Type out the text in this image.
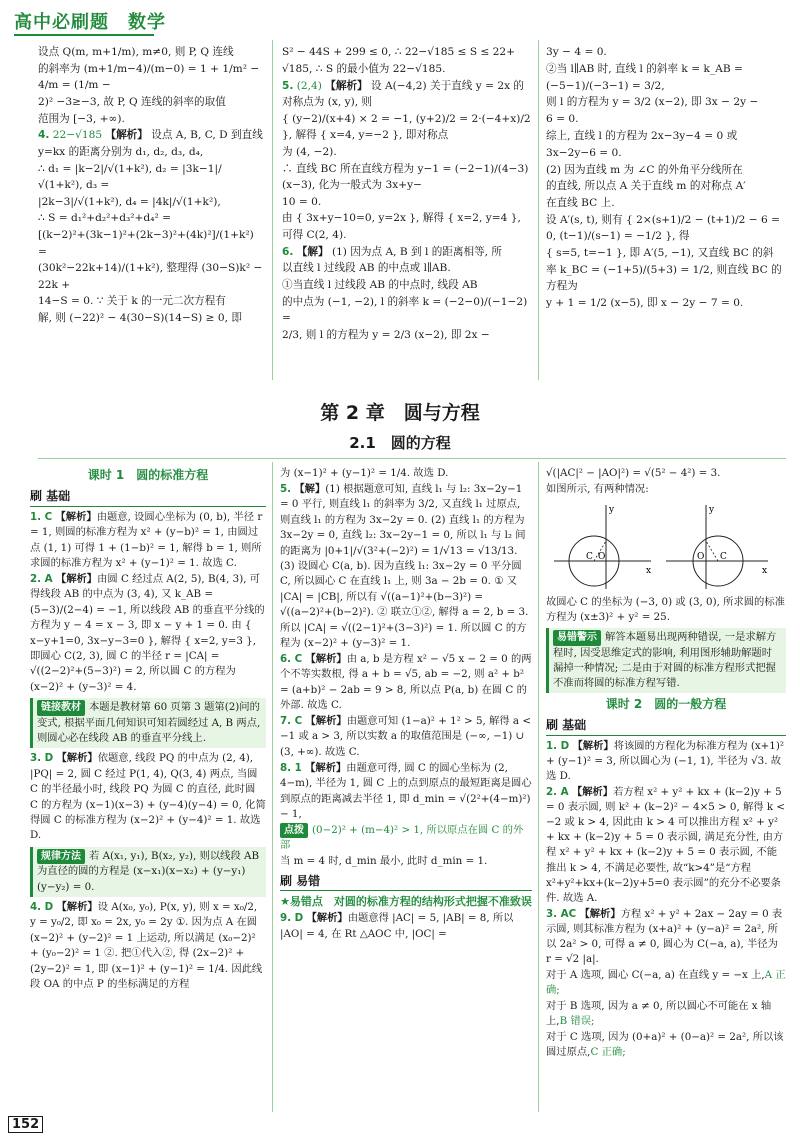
高中必刷题　数学

设点 Q(m, m+1/m), m≠0, 则 P, Q 连线

的斜率为 (m+1/m−4)/(m−0) = 1 + 1/m² − 4/m = (1/m −

2)² −3≥−3, 故 P, Q 连线的斜率的取值

范围为 [−3, +∞).

4. 22−√185 【解析】 设点 A, B, C, D 到直线 y=kx 的距离分别为 d₁, d₂, d₃, d₄,

∴ d₁ = |k−2|/√(1+k²), d₂ = |3k−1|/√(1+k²), d₃ =

|2k−3|/√(1+k²), d₄ = |4k|/√(1+k²),

∴ S = d₁²+d₂²+d₃²+d₄² =

[(k−2)²+(3k−1)²+(2k−3)²+(4k)²]/(1+k²) =

(30k²−22k+14)/(1+k²), 整理得 (30−S)k² − 22k +

14−S = 0. ∵ 关于 k 的一元二次方程有

解, 则 (−22)² − 4(30−S)(14−S) ≥ 0, 即

S² − 44S + 299 ≤ 0, ∴ 22−√185 ≤ S ≤ 22+

√185, ∴ S 的最小值为 22−√185.

5. (2,4) 【解析】 设 A(−4,2) 关于直线 y = 2x 的对称点为 (x, y), 则

{ (y−2)/(x+4) × 2 = −1, (y+2)/2 = 2·(−4+x)/2 }, 解得 { x=4, y=−2 }, 即对称点

为 (4, −2).

∴ 直线 BC 所在直线方程为 y−1 = (−2−1)/(4−3) (x−3), 化为一般式为 3x+y−

10 = 0.

由 { 3x+y−10=0, y=2x }, 解得 { x=2, y=4 }, 可得 C(2, 4).

6. 【解】 (1) 因为点 A, B 到 l 的距离相等, 所

以直线 l 过线段 AB 的中点或 l∥AB.

①当直线 l 过线段 AB 的中点时, 线段 AB

的中点为 (−1, −2), l 的斜率 k = (−2−0)/(−1−2) =

2/3, 则 l 的方程为 y = 2/3 (x−2), 即 2x −

3y − 4 = 0.

②当 l∥AB 时, 直线 l 的斜率 k = k_AB =

(−5−1)/(−3−1) = 3/2,

则 l 的方程为 y = 3/2 (x−2), 即 3x − 2y −

6 = 0.

综上, 直线 l 的方程为 2x−3y−4 = 0 或

3x−2y−6 = 0.

(2) 因为直线 m 为 ∠C 的外角平分线所在

的直线, 所以点 A 关于直线 m 的对称点 A′

在直线 BC 上.

设 A′(s, t), 则有 { 2×(s+1)/2 − (t+1)/2 − 6 = 0, (t−1)/(s−1) = −1/2 }, 得

{ s=5, t=−1 }, 即 A′(5, −1), 又直线 BC 的斜

率 k_BC = (−1+5)/(5+3) = 1/2, 则直线 BC 的方程为

y + 1 = 1/2 (x−5), 即 x − 2y − 7 = 0.

第 2 章　圆与方程
2.1　圆的方程
课时 1　圆的标准方程
刷 基础

1. C 【解析】由题意, 设圆心坐标为 (0, b), 半径 r = 1, 则圆的标准方程为 x² + (y−b)² = 1, 由圆过点 (1, 1) 可得 1 + (1−b)² = 1, 解得 b = 1, 则所求圆的标准方程为 x² + (y−1)² = 1. 故选 C.

2. A 【解析】由圆 C 经过点 A(2, 5), B(4, 3), 可得线段 AB 的中点为 (3, 4), 又 k_AB = (5−3)/(2−4) = −1, 所以线段 AB 的垂直平分线的方程为 y − 4 = x − 3, 即 x − y + 1 = 0. 由 { x−y+1=0, 3x−y−3=0 }, 解得 { x=2, y=3 }, 即圆心 C(2, 3), 圆 C 的半径 r = |CA| = √((2−2)²+(5−3)²) = 2, 所以圆 C 的方程为 (x−2)² + (y−3)² = 4.

链接教材 本题是教材第 60 页第 3 题第(2)问的变式, 根据平面几何知识可知若圆经过 A, B 两点, 则圆心必在线段 AB 的垂直平分线上.

3. D 【解析】依题意, 线段 PQ 的中点为 (2, 4), |PQ| = 2, 圆 C 经过 P(1, 4), Q(3, 4) 两点, 当圆 C 的半径最小时, 线段 PQ 为圆 C 的直径, 此时圆 C 的方程为 (x−1)(x−3) + (y−4)(y−4) = 0, 化简得圆 C 的标准方程为 (x−2)² + (y−4)² = 1. 故选 D.

规律方法 若 A(x₁, y₁), B(x₂, y₂), 则以线段 AB 为直径的圆的方程是 (x−x₁)(x−x₂) + (y−y₁)(y−y₂) = 0.

4. D 【解析】设 A(x₀, y₀), P(x, y), 则 x = x₀/2, y = y₀/2, 即 x₀ = 2x, y₀ = 2y ①. 因为点 A 在圆 (x−2)² + (y−2)² = 1 上运动, 所以满足 (x₀−2)² + (y₀−2)² = 1 ②. 把①代入②, 得 (2x−2)² + (2y−2)² = 1, 即 (x−1)² + (y−1)² = 1/4. 因此线段 OA 的中点 P 的坐标满足的方程

为 (x−1)² + (y−1)² = 1/4. 故选 D.

5. 【解】(1) 根据题意可知, 直线 l₁ 与 l₂: 3x−2y−1 = 0 平行, 则直线 l₁ 的斜率为 3/2, 又直线 l₁ 过原点, 则直线 l₁ 的方程为 3x−2y = 0. (2) 直线 l₁ 的方程为 3x−2y = 0, 直线 l₂: 3x−2y−1 = 0, 所以 l₁ 与 l₂ 间的距离为 |0+1|/√(3²+(−2)²) = 1/√13 = √13/13. (3) 设圆心 C(a, b). 因为直线 l₁: 3x−2y = 0 平分圆 C, 所以圆心 C 在直线 l₁ 上, 则 3a − 2b = 0. ① 又 |CA| = |CB|, 所以有 √((a−1)²+(b−3)²) = √((a−2)²+(b−2)²). ② 联立①②, 解得 a = 2, b = 3. 所以 |CA| = √((2−1)²+(3−3)²) = 1. 所以圆 C 的方程为 (x−2)² + (y−3)² = 1.

6. C 【解析】由 a, b 是方程 x² − √5 x − 2 = 0 的两个不等实数根, 得 a + b = √5, ab = −2, 则 a² + b² = (a+b)² − 2ab = 9 > 8, 所以点 P(a, b) 在圆 C 的外部. 故选 C.

7. C 【解析】由题意可知 (1−a)² + 1² > 5, 解得 a < −1 或 a > 3, 所以实数 a 的取值范围是 (−∞, −1) ∪ (3, +∞). 故选 C.

8. 1 【解析】由题意可得, 圆 C 的圆心坐标为 (2, 4−m), 半径为 1, 圆 C 上的点到原点的最短距离是圆心到原点的距离减去半径 1, 即 d_min = √(2²+(4−m)²) − 1,

点拨 (0−2)² + (m−4)² > 1, 所以原点在圆 C 的外部

当 m = 4 时, d_min 最小, 此时 d_min = 1.

刷 易错
★易错点　对圆的标准方程的结构形式把握不准致误

9. D 【解析】由题意得 |AC| = 5, |AB| = 8, 所以 |AO| = 4, 在 Rt △AOC 中, |OC| =

√(|AC|² − |AO|²) = √(5² − 4²) = 3.

如图所示, 有两种情况:

y
x
C O
y
x
O C

故圆心 C 的坐标为 (−3, 0) 或 (3, 0), 所求圆的标准方程为 (x±3)² + y² = 25.

易错警示 解答本题易出现两种错误, 一是求解方程时, 因受思维定式的影响, 利用图形辅助解题时漏掉一种情况; 二是由于对圆的标准方程形式把握不准而将圆的标准方程写错.
课时 2　圆的一般方程
刷 基础

1. D 【解析】将该圆的方程化为标准方程为 (x+1)² + (y−1)² = 3, 所以圆心为 (−1, 1), 半径为 √3. 故选 D.

2. A 【解析】若方程 x² + y² + kx + (k−2)y + 5 = 0 表示圆, 则 k² + (k−2)² − 4×5 > 0, 解得 k < −2 或 k > 4, 因此由 k > 4 可以推出方程 x² + y² + kx + (k−2)y + 5 = 0 表示圆, 满足充分性, 由方程 x² + y² + kx + (k−2)y + 5 = 0 表示圆, 不能推出 k > 4, 不满足必要性, 故“k>4”是“方程 x²+y²+kx+(k−2)y+5=0 表示圆”的充分不必要条件. 故选 A.

3. AC 【解析】方程 x² + y² + 2ax − 2ay = 0 表示圆, 则其标准方程为 (x+a)² + (y−a)² = 2a², 所以 2a² > 0, 可得 a ≠ 0, 圆心为 C(−a, a), 半径为 r = √2 |a|.

对于 A 选项, 圆心 C(−a, a) 在直线 y = −x 上,A 正确;

对于 B 选项, 因为 a ≠ 0, 所以圆心不可能在 x 轴上,B 错误;

对于 C 选项, 因为 (0+a)² + (0−a)² = 2a², 所以该圆过原点,C 正确;

152
